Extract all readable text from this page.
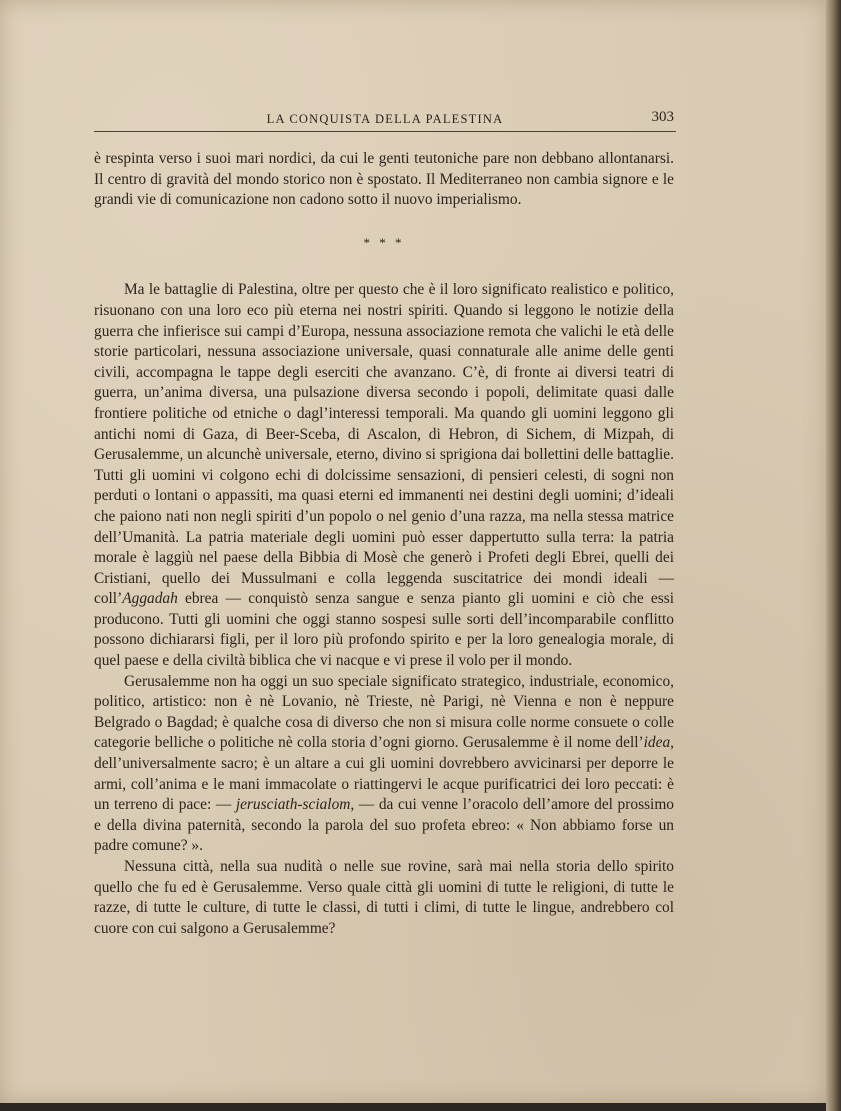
LA CONQUISTA DELLA PALESTINA	303

è respinta verso i suoi mari nordici, da cui le genti teutoniche pare non debbano allontanarsi. Il centro di gravità del mondo storico non è spostato. Il Mediterraneo non cambia signore e le grandi vie di comunicazione non cadono sotto il nuovo imperialismo.

* * *

Ma le battaglie di Palestina, oltre per questo che è il loro significato realistico e politico, risuonano con una loro eco più eterna nei nostri spiriti. Quando si leggono le notizie della guerra che infierisce sui campi d’Europa, nessuna associazione remota che valichi le età delle storie particolari, nessuna associazione universale, quasi connaturale alle anime delle genti civili, accompagna le tappe degli eserciti che avanzano. C’è, di fronte ai diversi teatri di guerra, un’anima diversa, una pulsazione diversa secondo i popoli, delimitate quasi dalle frontiere politiche od etniche o dagl’interessi temporali. Ma quando gli uomini leggono gli antichi nomi di Gaza, di Beer-Sceba, di Ascalon, di Hebron, di Sichem, di Mizpah, di Gerusalemme, un alcunchè universale, eterno, divino si sprigiona dai bollettini delle battaglie. Tutti gli uomini vi colgono echi di dolcissime sensazioni, di pensieri celesti, di sogni non perduti o lontani o appassiti, ma quasi eterni ed immanenti nei destini degli uomini; d’ideali che paiono nati non negli spiriti d’un popolo o nel genio d’una razza, ma nella stessa matrice dell’Umanità. La patria materiale degli uomini può esser dappertutto sulla terra: la patria morale è laggiù nel paese della Bibbia di Mosè che generò i Profeti degli Ebrei, quelli dei Cristiani, quello dei Mussulmani e colla leggenda suscitatrice dei mondi ideali — coll’Aggadah ebrea — conquistò senza sangue e senza pianto gli uomini e ciò che essi producono. Tutti gli uomini che oggi stanno sospesi sulle sorti dell’incomparabile conflitto possono dichiararsi figli, per il loro più profondo spirito e per la loro genealogia morale, di quel paese e della civiltà biblica che vi nacque e vi prese il volo per il mondo.

Gerusalemme non ha oggi un suo speciale significato strategico, industriale, economico, politico, artistico: non è nè Lovanio, nè Trieste, nè Parigi, nè Vienna e non è neppure Belgrado o Bagdad; è qualche cosa di diverso che non si misura colle norme consuete o colle categorie belliche o politiche nè colla storia d’ogni giorno. Gerusalemme è il nome dell’idea, dell’universalmente sacro; è un altare a cui gli uomini dovrebbero avvicinarsi per deporre le armi, coll’anima e le mani immacolate o riattingervi le acque purificatrici dei loro peccati: è un terreno di pace: — jerusciath-scialom, — da cui venne l’oracolo dell’amore del prossimo e della divina paternità, secondo la parola del suo profeta ebreo: « Non abbiamo forse un padre comune? ».

Nessuna città, nella sua nudità o nelle sue rovine, sarà mai nella storia dello spirito quello che fu ed è Gerusalemme. Verso quale città gli uomini di tutte le religioni, di tutte le razze, di tutte le culture, di tutte le classi, di tutti i climi, di tutte le lingue, andrebbero col cuore con cui salgono a Gerusalemme?
